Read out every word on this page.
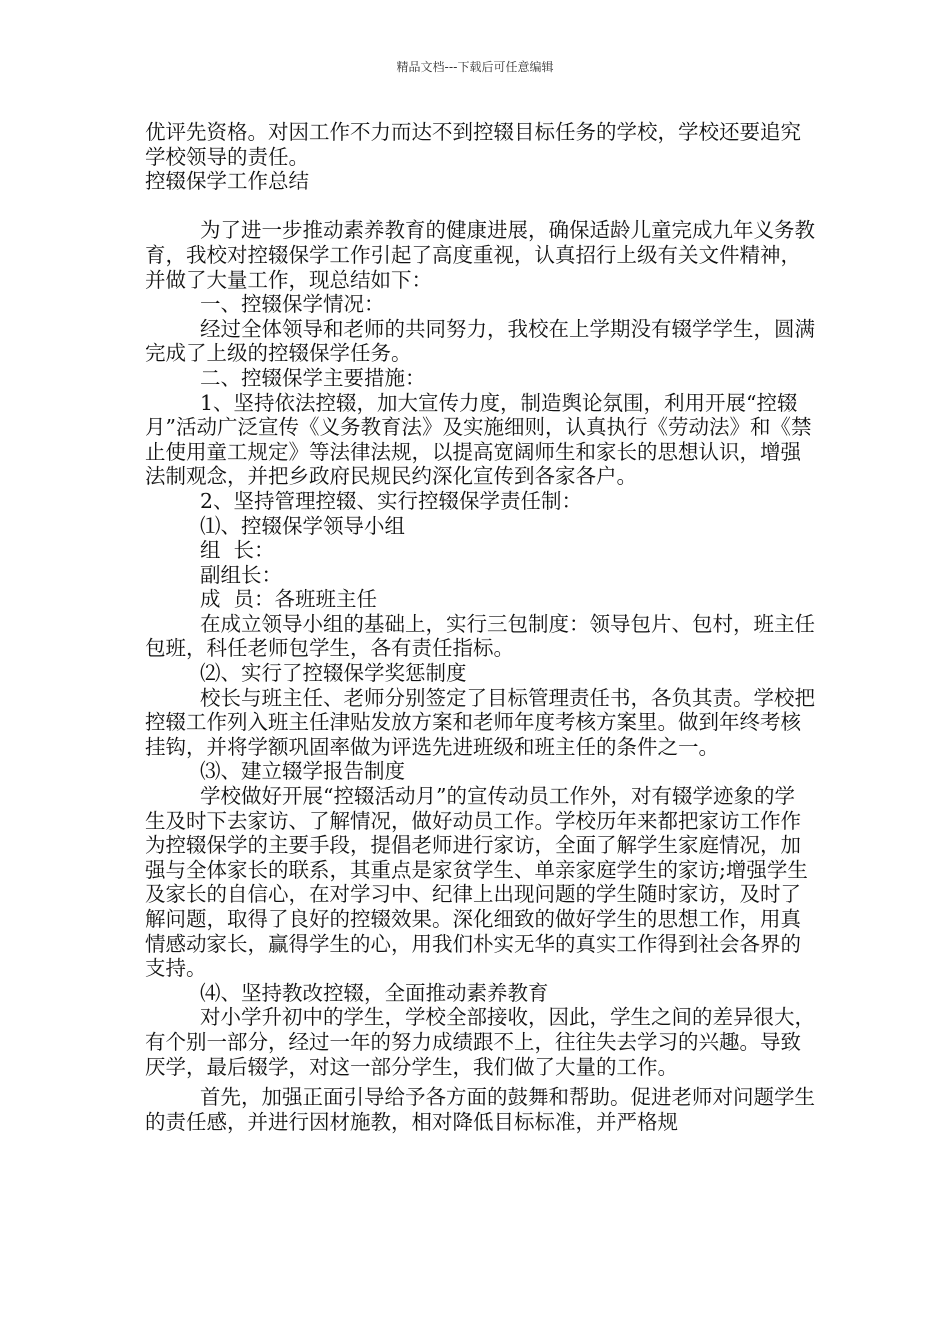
精品文档---下载后可任意编辑

优评先资格。对因工作不力而达不到控辍目标任务的学校，学校还要追究学校领导的责任。

控辍保学工作总结

为了进一步推动素养教育的健康进展，确保适龄儿童完成九年义务教育，我校对控辍保学工作引起了高度重视，认真招行上级有关文件精神，并做了大量工作，现总结如下：

一、控辍保学情况：

经过全体领导和老师的共同努力，我校在上学期没有辍学学生，圆满完成了上级的控辍保学任务。

二、控辍保学主要措施：

1、坚持依法控辍，加大宣传力度，制造舆论氛围，利用开展“控辍月”活动广泛宣传《义务教育法》及实施细则，认真执行《劳动法》和《禁止使用童工规定》等法律法规，以提高宽阔师生和家长的思想认识，增强法制观念，并把乡政府民规民约深化宣传到各家各户。

2、坚持管理控辍、实行控辍保学责任制：

⑴、控辍保学领导小组

组  长：

副组长：

成  员：各班班主任

在成立领导小组的基础上，实行三包制度：领导包片、包村，班主任包班，科任老师包学生，各有责任指标。

⑵、实行了控辍保学奖惩制度

校长与班主任、老师分别签定了目标管理责任书，各负其责。学校把控辍工作列入班主任津贴发放方案和老师年度考核方案里。做到年终考核挂钩，并将学额巩固率做为评选先进班级和班主任的条件之一。

⑶、建立辍学报告制度

学校做好开展“控辍活动月”的宣传动员工作外，对有辍学迹象的学生及时下去家访、了解情况，做好动员工作。学校历年来都把家访工作作为控辍保学的主要手段，提倡老师进行家访，全面了解学生家庭情况，加强与全体家长的联系，其重点是家贫学生、单亲家庭学生的家访;增强学生及家长的自信心，在对学习中、纪律上出现问题的学生随时家访，及时了解问题，取得了良好的控辍效果。深化细致的做好学生的思想工作，用真情感动家长，赢得学生的心，用我们朴实无华的真实工作得到社会各界的支持。

⑷、坚持教改控辍，全面推动素养教育

对小学升初中的学生，学校全部接收，因此，学生之间的差异很大，有个别一部分，经过一年的努力成绩跟不上，往往失去学习的兴趣。导致厌学，最后辍学，对这一部分学生，我们做了大量的工作。

首先，加强正面引导给予各方面的鼓舞和帮助。促进老师对问题学生的责任感，并进行因材施教，相对降低目标标准，并严格规
